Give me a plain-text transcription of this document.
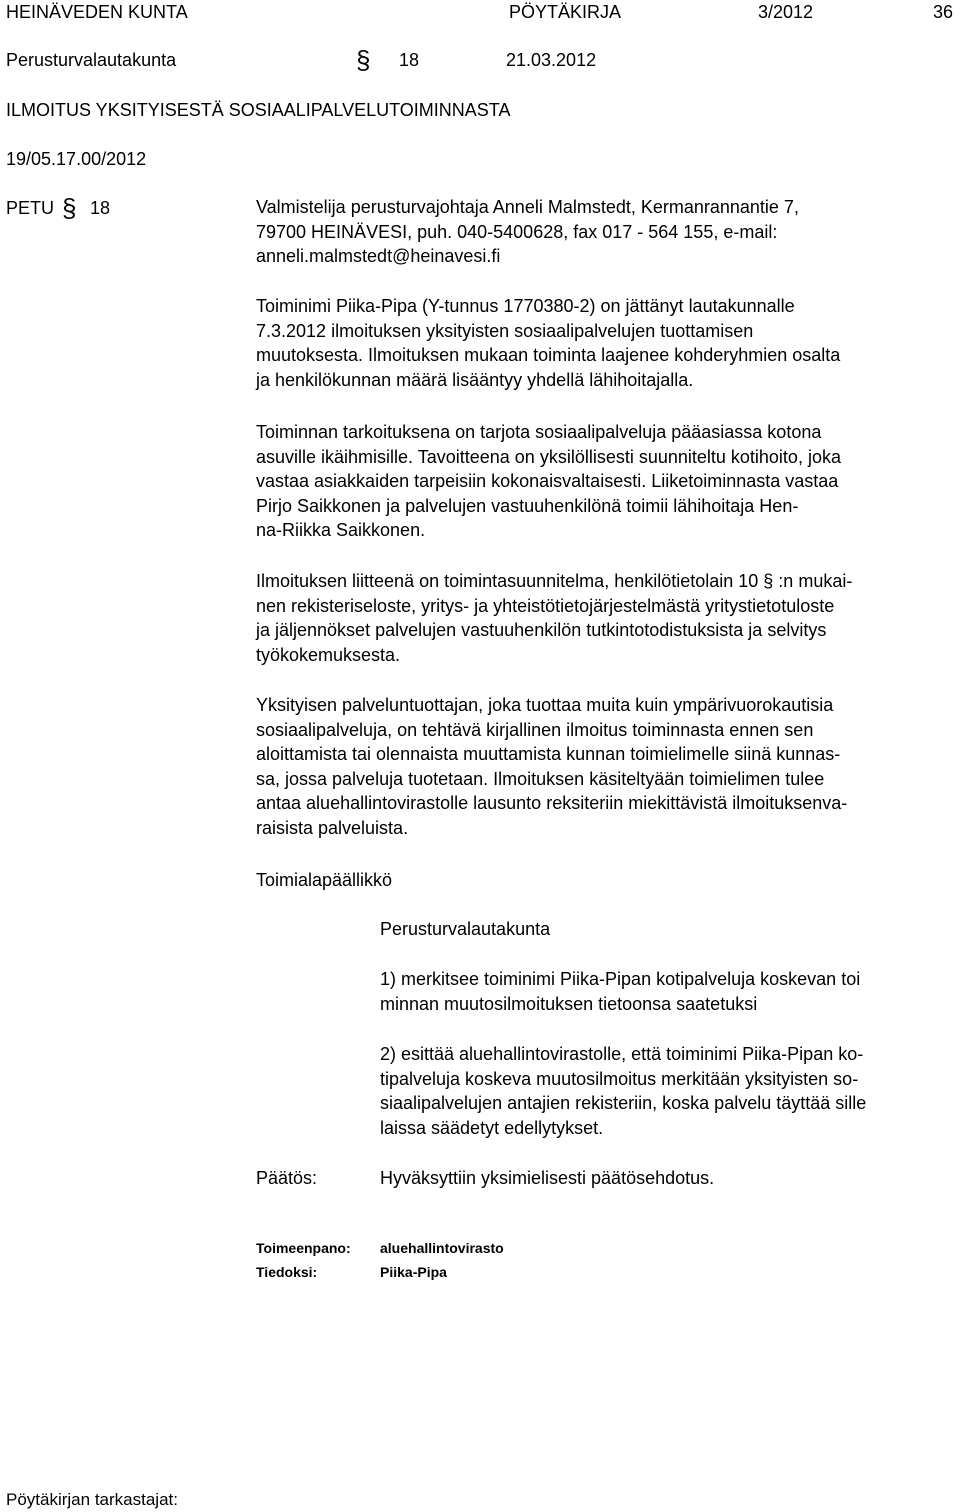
HEINÄVEDEN KUNTA	PÖYTÄKIRJA	3/2012	36
Perusturvalautakunta	§ 18	21.03.2012
ILMOITUS YKSITYISESTÄ SOSIAALIPALVELUTOIMINNASTA
19/05.17.00/2012
PETU § 18	Valmistelija perusturvajohtaja Anneli Malmstedt, Kermanrannantie 7,
79700 HEINÄVESI, puh. 040-5400628, fax 017 - 564 155, e-mail:
anneli.malmstedt@heinavesi.fi
Toiminimi Piika-Pipa (Y-tunnus 1770380-2) on jättänyt lautakunnalle
7.3.2012 ilmoituksen yksityisten sosiaalipalvelujen tuottamisen
muutoksesta. Ilmoituksen mukaan toiminta laajenee kohderyhmien osalta
ja henkilökunnan määrä lisääntyy yhdellä lähihoitajalla.
Toiminnan tarkoituksena on tarjota sosiaalipalveluja pääasiassa kotona
asuville ikäihmisille. Tavoitteena on yksilöllisesti suunniteltu kotihoito, joka
vastaa asiakkaiden tarpeisiin kokonaisvaltaisesti. Liiketoiminnasta vastaa
Pirjo Saikkonen ja palvelujen vastuuhenkilönä toimii lähihoitaja Hen-
na-Riikka Saikkonen.
Ilmoituksen liitteenä on toimintasuunnitelma, henkilötietolain 10 § :n mukai-
nen rekisteriseloste, yritys- ja yhteistötietojärjestelmästä yritystietotuloste
ja jäljennökset palvelujen vastuuhenkilön tutkintotodistuksista ja selvitys
työkokemuksesta.
Yksityisen palveluntuottajan, joka tuottaa muita kuin ympärivuorokautisia
sosiaalipalveluja, on tehtävä kirjallinen ilmoitus toiminnasta ennen sen
aloittamista tai olennaista muuttamista kunnan toimielimelle siinä kunnas-
sa, jossa palveluja tuotetaan. Ilmoituksen käsiteltyään toimielimen tulee
antaa aluehallintovirastolle lausunto reksiteriin miekittävistä ilmoituksenva-
raisista palveluista.
Toimialapäällikkö
Perusturvalautakunta
1) merkitsee toiminimi Piika-Pipan kotipalveluja koskevan toi
minnan muutosilmoituksen tietoonsa saatetuksi
2) esittää aluehallintovirastolle, että toiminimi Piika-Pipan ko-
tipalveluja koskeva muutosilmoitus merkitään yksityisten so-
siaalipalvelujen antajien rekisteriin, koska palvelu täyttää sille
laissa säädetyt edellytykset.
Päätös:	Hyväksyttiin yksimielisesti päätösehdotus.
Toimeenpano: aluehallintovirasto
Tiedoksi:	Piika-Pipa
Pöytäkirjan tarkastajat:
